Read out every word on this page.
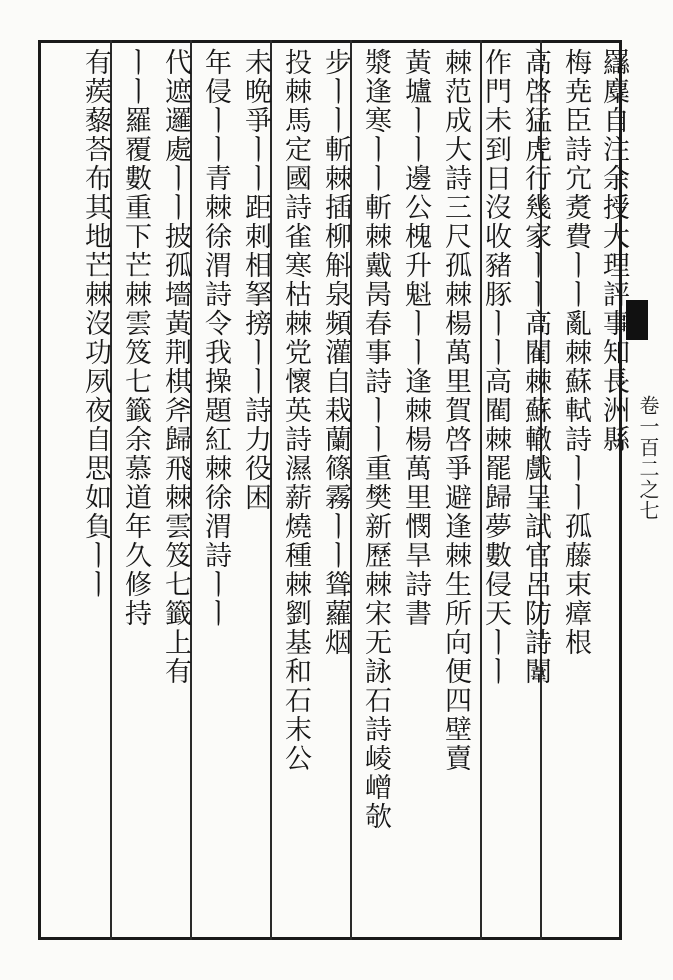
卷一百二之七
羉麋自注余授大理評事知長洲縣
梅尭臣詩宂煑費ㅣㅣ亂棘蘇軾詩ㅣㅣ孤藤束瘴根
高啓猛虎行幾家ㅣㅣ高閵棘蘇轍戲呈試官呂防詩闈
作門未到日沒收豬豚ㅣㅣ高閵棘罷歸夢數侵天ㅣㅣ
棘范成大詩三尺孤棘楊萬里賀啓爭避逢棘生所向便四壁賣
黃壚ㅣㅣ邊公槐升魁ㅣㅣ逢棘楊萬里憫旱詩書
漿逢寒ㅣㅣ斬棘戴昺春事詩ㅣㅣ重樊新歷棘宋无詠石詩崚嶒欹
步ㅣㅣ斬棘插柳斛泉頻灌自栽蘭篠霧ㅣㅣ聳蘿烟
投棘馬定國詩雀寒枯棘党懷英詩濕薪燒種棘劉基和石末公
未晩爭ㅣㅣ距刺相拏搒ㅣㅣ詩力役困
年侵ㅣㅣ青棘徐渭詩令我操題紅棘徐渭詩ㅣㅣ
代遮邏處ㅣㅣ披孤墻黃荆棋斧歸飛棘雲笈七籤上有
ㅣㅣ羅覆數重下芒棘雲笈七籤余慕道年久修持
有蒺藜荅布其地芒棘沒功夙夜自思如負ㅣㅣ
